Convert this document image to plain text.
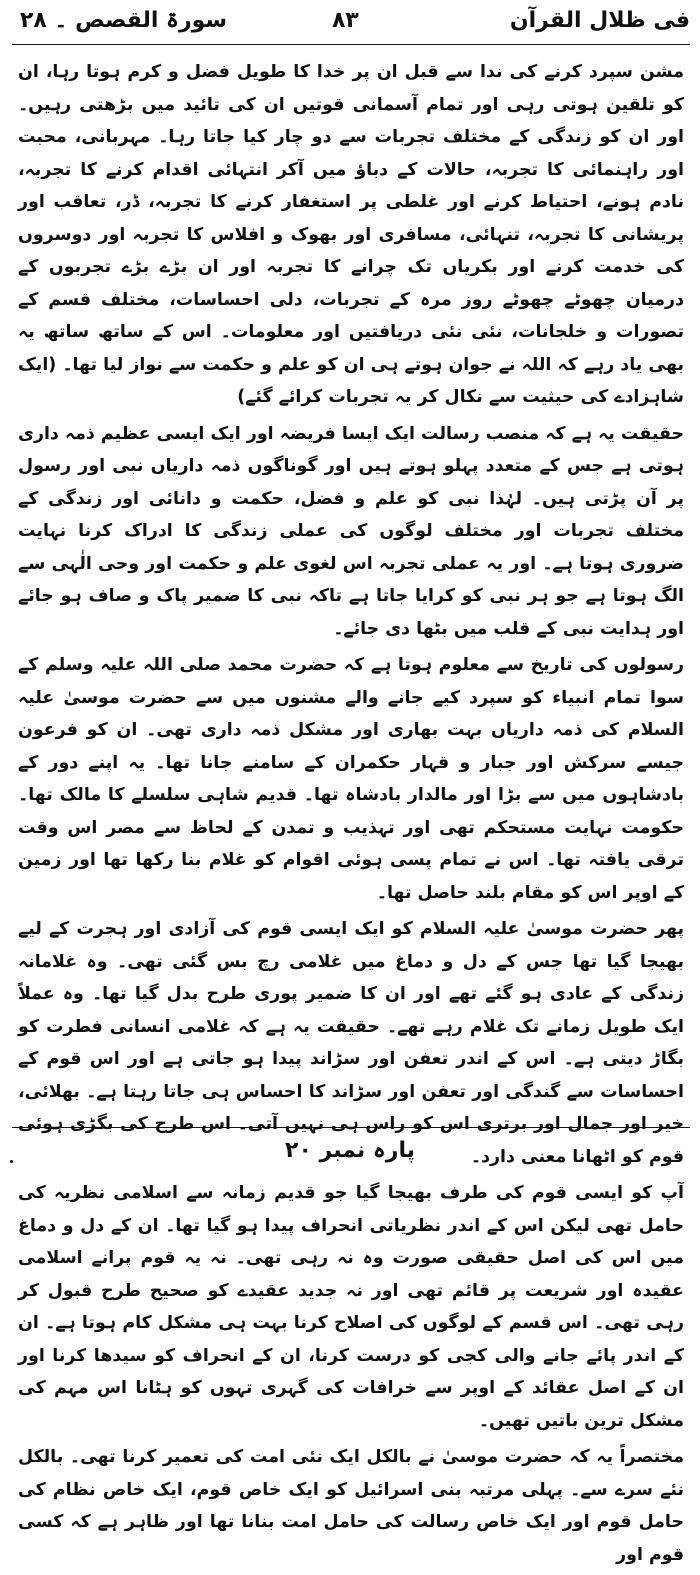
فی ظلال القرآن
۸۳
سورۃ القصص ۔ ۲۸

مشن سپرد کرنے کی ندا سے قبل ان پر خدا کا طویل فضل و کرم ہوتا رہا، ان کو تلقین ہوتی رہی اور تمام آسمانی قوتیں ان کی تائید میں بڑھتی رہیں۔ اور ان کو زندگی کے مختلف تجربات سے دو چار کیا جاتا رہا۔ مہربانی، محبت اور راہنمائی کا تجربہ، حالات کے دباؤ میں آکر انتہائی اقدام کرنے کا تجربہ، نادم ہونے، احتیاط کرنے اور غلطی پر استغفار کرنے کا تجربہ، ڈر، تعاقب اور پریشانی کا تجربہ، تنہائی، مسافری اور بھوک و افلاس کا تجربہ اور دوسروں کی خدمت کرنے اور بکریاں تک چرانے کا تجربہ اور ان بڑے بڑے تجربوں کے درمیان چھوٹے چھوٹے روز مرہ کے تجربات، دلی احساسات، مختلف قسم کے تصورات و خلجانات، نئی نئی دریافتیں اور معلومات۔ اس کے ساتھ ساتھ یہ بھی یاد رہے کہ اللہ نے جوان ہوتے ہی ان کو علم و حکمت سے نواز لیا تھا۔ (ایک شاہزادے کی حیثیت سے نکال کر یہ تجربات کرائے گئے)

حقیقت یہ ہے کہ منصب رسالت ایک ایسا فریضہ اور ایک ایسی عظیم ذمہ داری ہوتی ہے جس کے متعدد پہلو ہوتے ہیں اور گوناگوں ذمہ داریاں نبی اور رسول پر آن پڑتی ہیں۔ لہٰذا نبی کو علم و فضل، حکمت و دانائی اور زندگی کے مختلف تجربات اور مختلف لوگوں کی عملی زندگی کا ادراک کرنا نہایت ضروری ہوتا ہے۔ اور یہ عملی تجربہ اس لغوی علم و حکمت اور وحی الٰہی سے الگ ہوتا ہے جو ہر نبی کو کرایا جاتا ہے تاکہ نبی کا ضمیر پاک و صاف ہو جائے اور ہدایت نبی کے قلب میں بٹھا دی جائے۔

رسولوں کی تاریخ سے معلوم ہوتا ہے کہ حضرت محمد صلی اللہ علیہ وسلم کے سوا تمام انبیاء کو سپرد کیے جانے والے مشنوں میں سے حضرت موسیٰ علیہ السلام کی ذمہ داریاں بہت بھاری اور مشکل ذمہ داری تھی۔ ان کو فرعون جیسے سرکش اور جبار و قہار حکمران کے سامنے جانا تھا۔ یہ اپنے دور کے بادشاہوں میں سے بڑا اور مالدار بادشاہ تھا۔ قدیم شاہی سلسلے کا مالک تھا۔ حکومت نہایت مستحکم تھی اور تہذیب و تمدن کے لحاظ سے مصر اس وقت ترقی یافتہ تھا۔ اس نے تمام پسی ہوئی اقوام کو غلام بنا رکھا تھا اور زمین کے اوپر اس کو مقام بلند حاصل تھا۔

پھر حضرت موسیٰ علیہ السلام کو ایک ایسی قوم کی آزادی اور ہجرت کے لیے بھیجا گیا تھا جس کے دل و دماغ میں غلامی رچ بس گئی تھی۔ وہ غلامانہ زندگی کے عادی ہو گئے تھے اور ان کا ضمیر پوری طرح بدل گیا تھا۔ وہ عملاً ایک طویل زمانے تک غلام رہے تھے۔ حقیقت یہ ہے کہ غلامی انسانی فطرت کو بگاڑ دیتی ہے۔ اس کے اندر تعفن اور سڑاند پیدا ہو جاتی ہے اور اس قوم کے احساسات سے گندگی اور تعفن اور سڑاند کا احساس ہی جاتا رہتا ہے۔ بھلائی، خیر اور جمال اور برتری اس کو راس ہی نہیں آتی۔ اس طرح کی بگڑی ہوئی قوم کو اٹھانا معنی دارد۔

آپ کو ایسی قوم کی طرف بھیجا گیا جو قدیم زمانہ سے اسلامی نظریہ کی حامل تھی لیکن اس کے اندر نظریاتی انحراف پیدا ہو گیا تھا۔ ان کے دل و دماغ میں اس کی اصل حقیقی صورت وہ نہ رہی تھی۔ نہ یہ قوم پرانے اسلامی عقیدہ اور شریعت پر قائم تھی اور نہ جدید عقیدے کو صحیح طرح قبول کر رہی تھی۔ اس قسم کے لوگوں کی اصلاح کرنا بہت ہی مشکل کام ہوتا ہے۔ ان کے اندر پائے جانے والی کجی کو درست کرنا، ان کے انحراف کو سیدھا کرنا اور ان کے اصل عقائد کے اوپر سے خرافات کی گہری تہوں کو ہٹانا اس مہم کی مشکل ترین باتیں تھیں۔

مختصراً یہ کہ حضرت موسیٰ نے بالکل ایک نئی امت کی تعمیر کرنا تھی۔ بالکل نئے سرے سے۔ پہلی مرتبہ بنی اسرائیل کو ایک خاص قوم، ایک خاص نظام کی حامل قوم اور ایک خاص رسالت کی حامل امت بنانا تھا اور ظاہر ہے کہ کسی قوم اور

پارہ نمبر ۲۰
